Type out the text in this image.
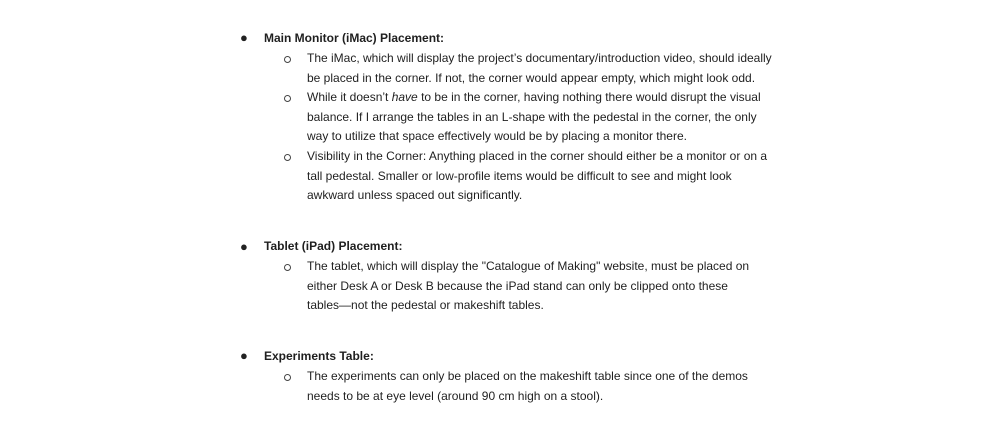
● Main Monitor (iMac) Placement:
The iMac, which will display the project’s documentary/introduction video, should ideally
be placed in the corner. If not, the corner would appear empty, which might look odd.
While it doesn’t have to be in the corner, having nothing there would disrupt the visual
balance. If I arrange the tables in an L-shape with the pedestal in the corner, the only
way to utilize that space effectively would be by placing a monitor there.
Visibility in the Corner: Anything placed in the corner should either be a monitor or on a
tall pedestal. Smaller or low-profile items would be difficult to see and might look
awkward unless spaced out significantly.
● Tablet (iPad) Placement:
The tablet, which will display the "Catalogue of Making" website, must be placed on
either Desk A or Desk B because the iPad stand can only be clipped onto these
tables—not the pedestal or makeshift tables.
● Experiments Table:
The experiments can only be placed on the makeshift table since one of the demos
needs to be at eye level (around 90 cm high on a stool).
